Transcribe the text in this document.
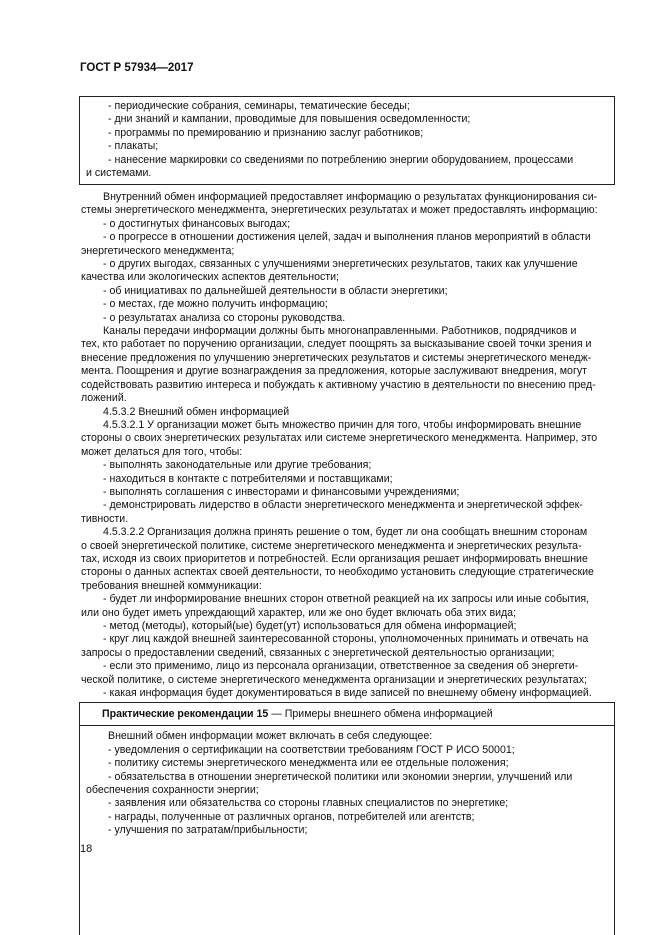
ГОСТ Р 57934—2017

- периодические собрания, семинары, тематические беседы;

- дни знаний и кампании, проводимые для повышения осведомленности;

- программы по премированию и признанию заслуг работников;

- плакаты;

- нанесение маркировки со сведениями по потреблению энергии оборудованием, процессами

и системами.

Внутренний обмен информацией предоставляет информацию о результатах функционирования си-

стемы энергетического менеджмента, энергетических результатах и может предоставлять информацию:

- о достигнутых финансовых выгодах;

- о прогрессе в отношении достижения целей, задач и выполнения планов мероприятий в области

энергетического менеджмента;

- о других выгодах, связанных с улучшениями энергетических результатов, таких как улучшение

качества или экологических аспектов деятельности;

- об инициативах по дальнейшей деятельности в области энергетики;

- о местах, где можно получить информацию;

- о результатах анализа со стороны руководства.

Каналы передачи информации должны быть многонаправленными. Работников, подрядчиков и

тех, кто работает по поручению организации, следует поощрять за высказывание своей точки зрения и

внесение предложения по улучшению энергетических результатов и системы энергетического менедж-

мента. Поощрения и другие вознаграждения за предложения, которые заслуживают внедрения, могут

содействовать развитию интереса и побуждать к активному участию в деятельности по внесению пред-

ложений.

4.5.3.2 Внешний обмен информацией

4.5.3.2.1 У организации может быть множество причин для того, чтобы информировать внешние

стороны о своих энергетических результатах или системе энергетического менеджмента. Например, это

может делаться для того, чтобы:

- выполнять законодательные или другие требования;

- находиться в контакте с потребителями и поставщиками;

- выполнять соглашения с инвесторами и финансовыми учреждениями;

- демонстрировать лидерство в области энергетического менеджмента и энергетической эффек-

тивности.

4.5.3.2.2 Организация должна принять решение о том, будет ли она сообщать внешним сторонам

о своей энергетической политике, системе энергетического менеджмента и энергетических результа-

тах, исходя из своих приоритетов и потребностей. Если организация решает информировать внешние

стороны о данных аспектах своей деятельности, то необходимо установить следующие стратегические

требования внешней коммуникации:

- будет ли информирование внешних сторон ответной реакцией на их запросы или иные события,

или оно будет иметь упреждающий характер, или же оно будет включать оба этих вида;

- метод (методы), который(ые) будет(ут) использоваться для обмена информацией;

- круг лиц каждой внешней заинтересованной стороны, уполномоченных принимать и отвечать на

запросы о предоставлении сведений, связанных с энергетической деятельностью организации;

- если это применимо, лицо из персонала организации, ответственное за сведения об энергети-

ческой политике, о системе энергетического менеджмента организации и энергетических результатах;

- какая информация будет документироваться в виде записей по внешнему обмену информацией.

Практические рекомендации 15 — Примеры внешнего обмена информацией

Внешний обмен информации может включать в себя следующее:

- уведомления о сертификации на соответствии требованиям ГОСТ Р ИСО 50001;

- политику системы энергетического менеджмента или ее отдельные положения;

- обязательства в отношении энергетической политики или экономии энергии, улучшений или

обеспечения сохранности энергии;

- заявления или обязательства со стороны главных специалистов по энергетике;

- награды, полученные от различных органов, потребителей или агентств;

- улучшения по затратам/прибыльности;

18
